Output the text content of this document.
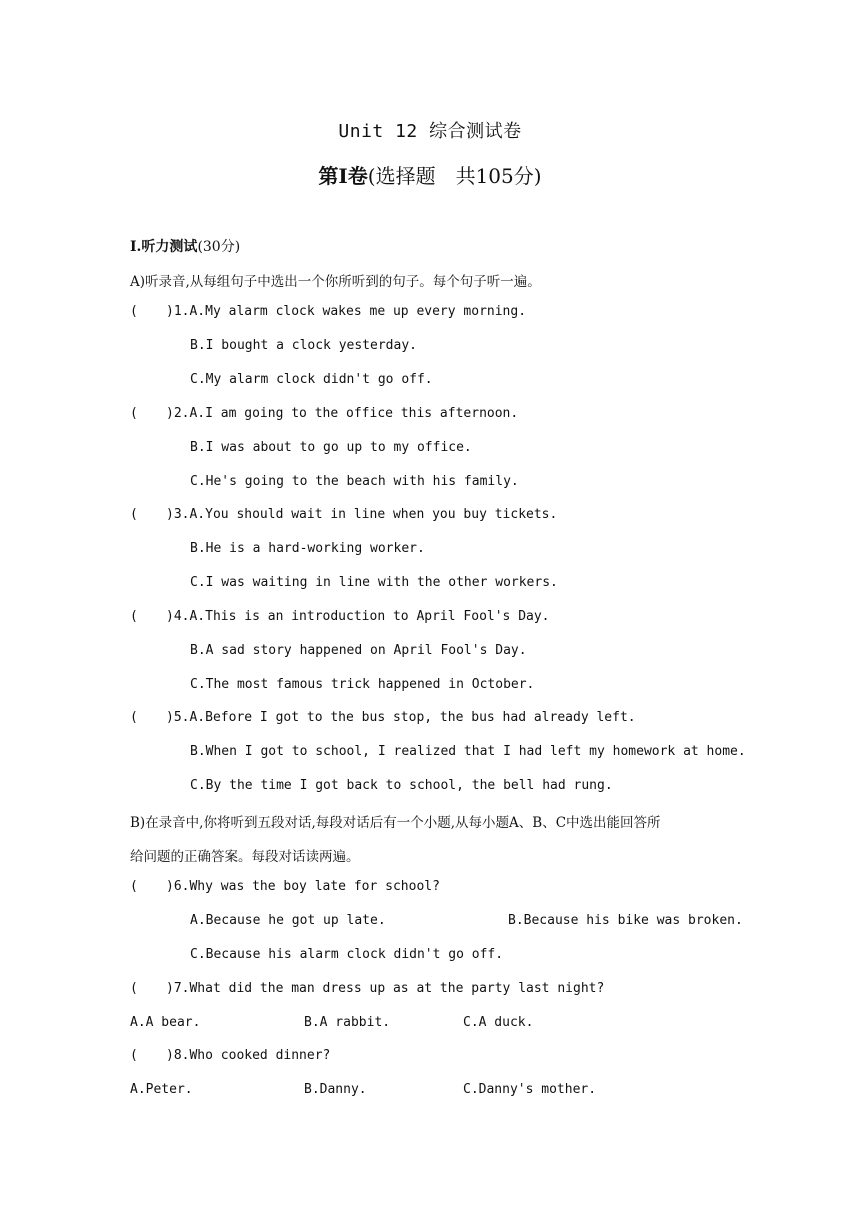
Unit 12 综合测试卷
第Ⅰ卷(选择题　共105分)
Ⅰ.听力测试(30分)
A)听录音,从每组句子中选出一个你所听到的句子。每个句子听一遍。
( )1.A.My alarm clock wakes me up every morning.
B.I bought a clock yesterday.
C.My alarm clock didn't go off.
( )2.A.I am going to the office this afternoon.
B.I was about to go up to my office.
C.He's going to the beach with his family.
( )3.A.You should wait in line when you buy tickets.
B.He is a hard-working worker.
C.I was waiting in line with the other workers.
( )4.A.This is an introduction to April Fool's Day.
B.A sad story happened on April Fool's Day.
C.The most famous trick happened in October.
( )5.A.Before I got to the bus stop, the bus had already left.
B.When I got to school, I realized that I had left my homework at home.
C.By the time I got back to school, the bell had rung.
B)在录音中,你将听到五段对话,每段对话后有一个小题,从每小题A、B、C中选出能回答所
给问题的正确答案。每段对话读两遍。
( )6.Why was the boy late for school?
A.Because he got up late.	B.Because his bike was broken.
C.Because his alarm clock didn't go off.
( )7.What did the man dress up as at the party last night?
A.A bear.	B.A rabbit.	C.A duck.
( )8.Who cooked dinner?
A.Peter.	B.Danny.	C.Danny's mother.
